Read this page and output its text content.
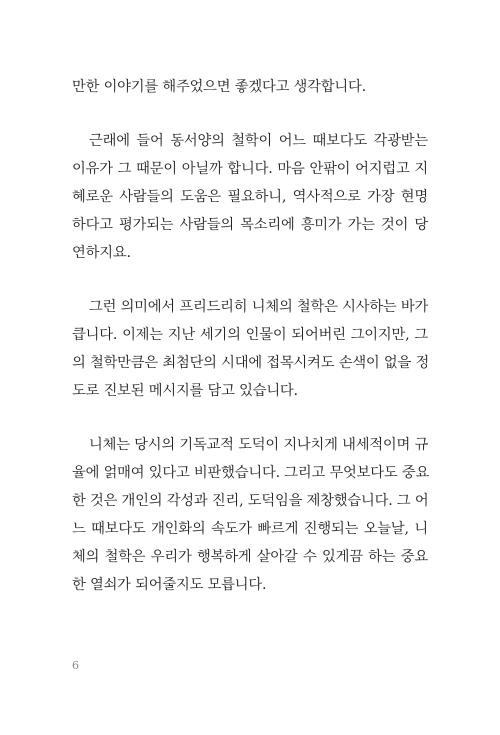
만한 이야기를 해주었으면 좋겠다고 생각합니다.
근래에 들어 동서양의 철학이 어느 때보다도 각광받는
이유가 그 때문이 아닐까 합니다. 마음 안팎이 어지럽고 지
혜로운 사람들의 도움은 필요하니, 역사적으로 가장 현명
하다고 평가되는 사람들의 목소리에 흥미가 가는 것이 당
연하지요.
그런 의미에서 프리드리히 니체의 철학은 시사하는 바가
큽니다. 이제는 지난 세기의 인물이 되어버린 그이지만, 그
의 철학만큼은 최첨단의 시대에 접목시켜도 손색이 없을 정
도로 진보된 메시지를 담고 있습니다.
니체는 당시의 기독교적 도덕이 지나치게 내세적이며 규
율에 얽매여 있다고 비판했습니다. 그리고 무엇보다도 중요
한 것은 개인의 각성과 진리, 도덕임을 제창했습니다. 그 어
느 때보다도 개인화의 속도가 빠르게 진행되는 오늘날, 니
체의 철학은 우리가 행복하게 살아갈 수 있게끔 하는 중요
한 열쇠가 되어줄지도 모릅니다.
6
